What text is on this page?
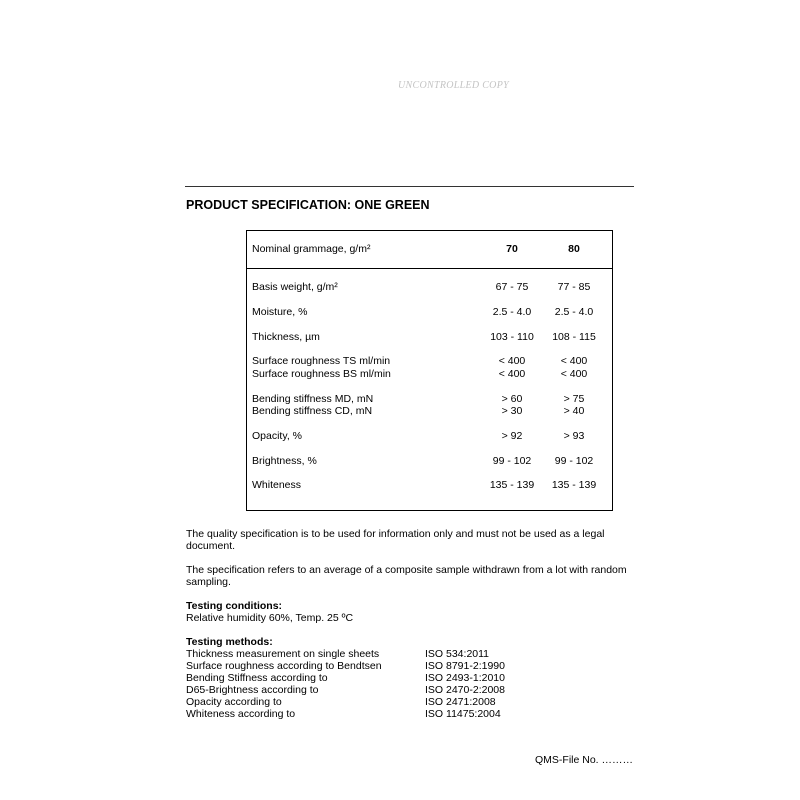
UNCONTROLLED COPY
PRODUCT SPECIFICATION: ONE GREEN
Nominal grammage, g/m²	70	80
Basis weight, g/m²	67 - 75	77 - 85
Moisture, %	2.5 - 4.0	2.5 - 4.0
Thickness, µm	103 - 110	108 - 115
Surface roughness TS ml/min	< 400	< 400
Surface roughness BS ml/min	< 400	< 400
Bending stiffness MD, mN	> 60	> 75
Bending stiffness CD, mN	> 30	> 40
Opacity, %	> 92	> 93
Brightness, %	99 - 102	99 - 102
Whiteness	135 - 139	135 - 139
The quality specification is to be used for information only and must not be used as a legal document.
The specification refers to an average of a composite sample withdrawn from a lot with random sampling.
Testing conditions:
Relative humidity 60%, Temp. 25 ºC
Testing methods:
Thickness measurement on single sheets	ISO 534:2011
Surface roughness according to Bendtsen	ISO 8791-2:1990
Bending Stiffness according to	ISO 2493-1:2010
D65-Brightness according to	ISO 2470-2:2008
Opacity according to	ISO 2471:2008
Whiteness according to	ISO 11475:2004
QMS-File No. ………
